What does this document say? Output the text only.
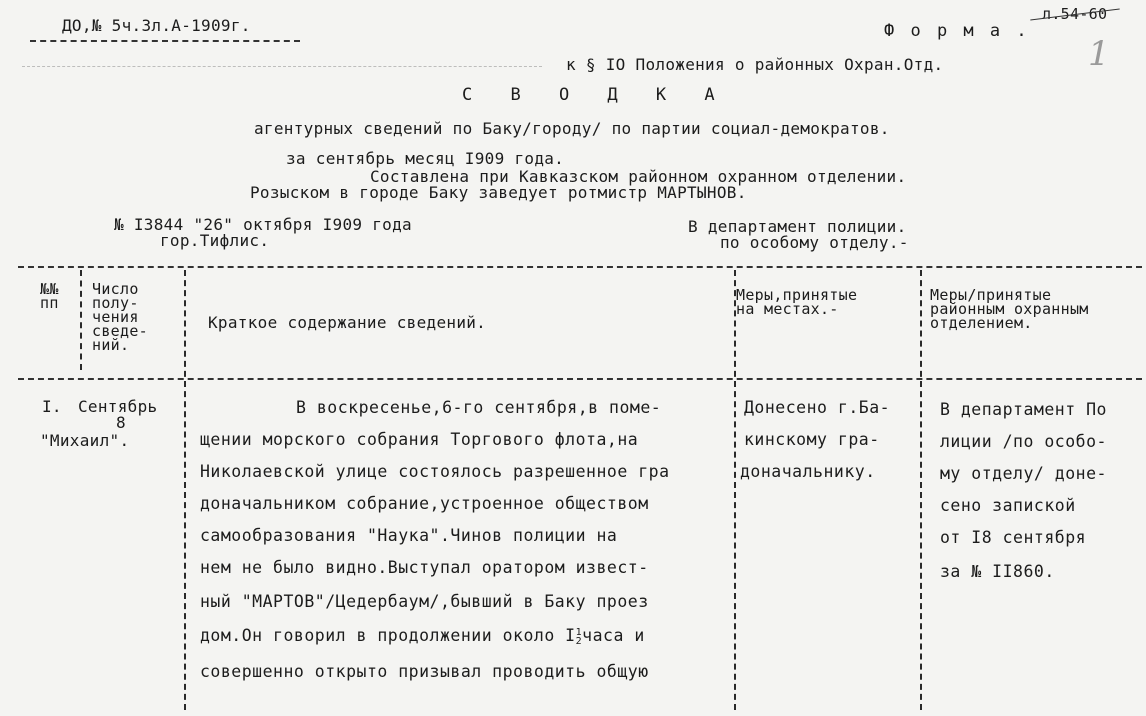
ДО,№ 5ч.3л.А-1909г.	Ф о р м а .
л.54-60
1
к § IO Положения о районных Охран.Отд.
С В О Д К А
агентурных сведений по Баку/городу/ по партии социал-демократов.
за сентябрь месяц I909 года.
Составлена при Кавказском районном охранном отделении.
Розыском в городе Баку заведует ротмистр МАРТЫНОВ.
№ I3844 "26" октября I909 года
гор.Тифлис.
В департамент полиции.
по особому отделу.-
№№
пп
Число
полу-
чения
сведе-
ний.
Краткое содержание сведений.
Меры,принятые
на местах.-
Меры/принятые
районным охранным
отделением.
I. Сентябрь
8
"Михаил".
В воскресенье,6-го сентября,в поме-
щении морского собрания Торгового флота,на
Николаевской улице состоялось разрешенное гра
доначальником собрание,устроенное обществом
самообразования "Наука".Чинов полиции на
нем не было видно.Выступал оратором извест-
ный "МАРТОВ"/Цедербаум/,бывший в Баку проез
дом.Он говорил в продолжении около I 1
2 часа и
совершенно открыто призывал проводить общую
Донесено г.Ба-
кинскому гра-
доначальнику.
В департамент По
лиции /по особо-
му отделу/ доне-
сено запиской
от I8 сентября
за № II860.
